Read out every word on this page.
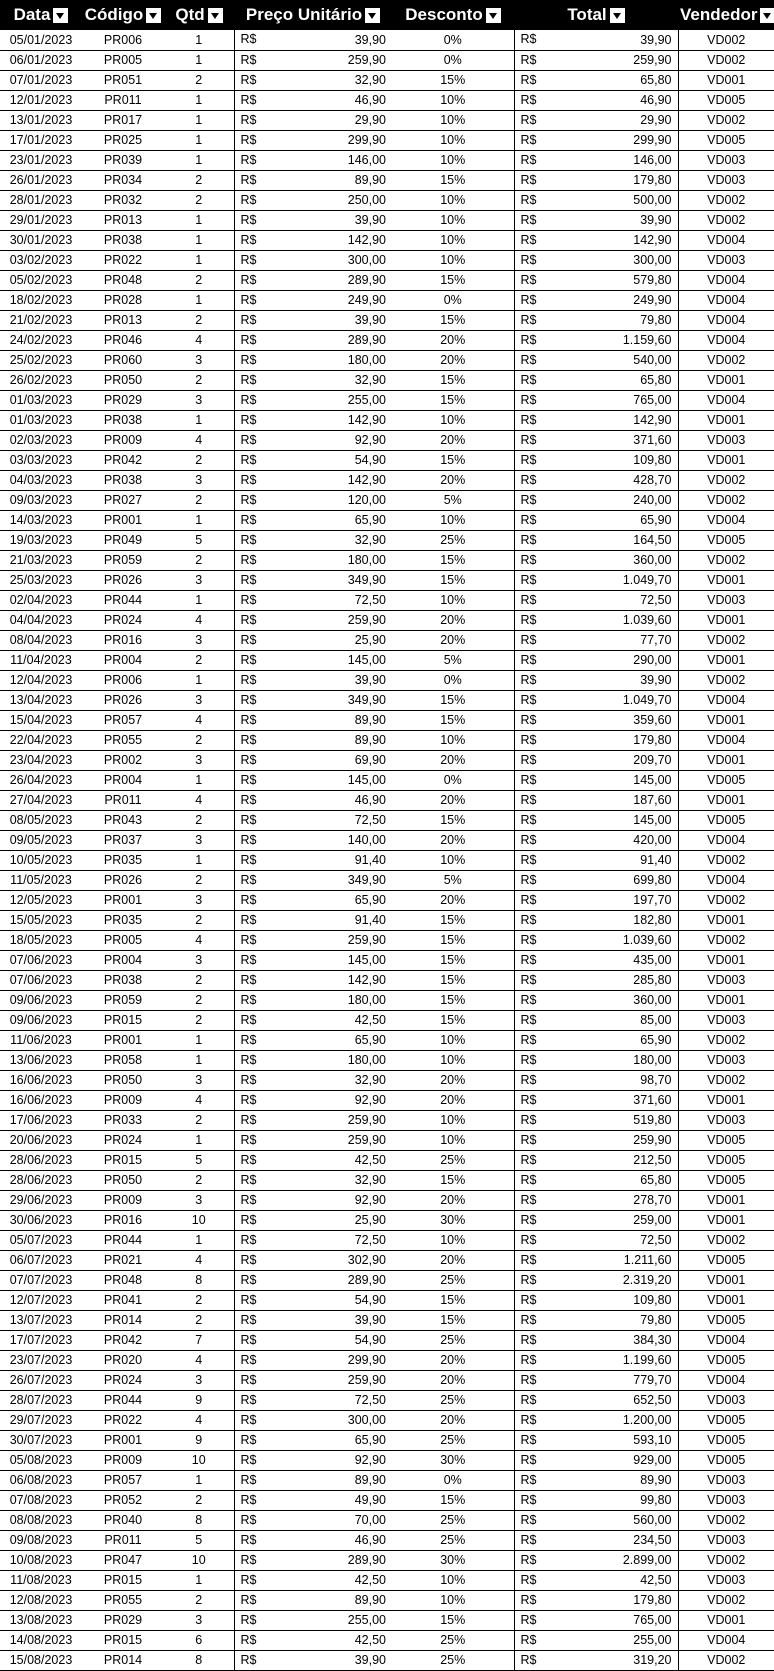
Data	Código	Qtd	Preço Unitário	Desconto	Total	Vendedor
05/01/2023	PR006	1	R$ 39,90	0%	R$ 39,90	VD002
06/01/2023	PR005	1	R$ 259,90	0%	R$ 259,90	VD002
07/01/2023	PR051	2	R$ 32,90	15%	R$ 65,80	VD001
12/01/2023	PR011	1	R$ 46,90	10%	R$ 46,90	VD005
13/01/2023	PR017	1	R$ 29,90	10%	R$ 29,90	VD002
17/01/2023	PR025	1	R$ 299,90	10%	R$ 299,90	VD005
23/01/2023	PR039	1	R$ 146,00	10%	R$ 146,00	VD003
26/01/2023	PR034	2	R$ 89,90	15%	R$ 179,80	VD003
28/01/2023	PR032	2	R$ 250,00	10%	R$ 500,00	VD002
29/01/2023	PR013	1	R$ 39,90	10%	R$ 39,90	VD002
30/01/2023	PR038	1	R$ 142,90	10%	R$ 142,90	VD004
03/02/2023	PR022	1	R$ 300,00	10%	R$ 300,00	VD003
05/02/2023	PR048	2	R$ 289,90	15%	R$ 579,80	VD004
18/02/2023	PR028	1	R$ 249,90	0%	R$ 249,90	VD004
21/02/2023	PR013	2	R$ 39,90	15%	R$ 79,80	VD004
24/02/2023	PR046	4	R$ 289,90	20%	R$ 1.159,60	VD004
25/02/2023	PR060	3	R$ 180,00	20%	R$ 540,00	VD002
26/02/2023	PR050	2	R$ 32,90	15%	R$ 65,80	VD001
01/03/2023	PR029	3	R$ 255,00	15%	R$ 765,00	VD004
01/03/2023	PR038	1	R$ 142,90	10%	R$ 142,90	VD001
02/03/2023	PR009	4	R$ 92,90	20%	R$ 371,60	VD003
03/03/2023	PR042	2	R$ 54,90	15%	R$ 109,80	VD001
04/03/2023	PR038	3	R$ 142,90	20%	R$ 428,70	VD002
09/03/2023	PR027	2	R$ 120,00	5%	R$ 240,00	VD002
14/03/2023	PR001	1	R$ 65,90	10%	R$ 65,90	VD004
19/03/2023	PR049	5	R$ 32,90	25%	R$ 164,50	VD005
21/03/2023	PR059	2	R$ 180,00	15%	R$ 360,00	VD002
25/03/2023	PR026	3	R$ 349,90	15%	R$ 1.049,70	VD001
02/04/2023	PR044	1	R$ 72,50	10%	R$ 72,50	VD003
04/04/2023	PR024	4	R$ 259,90	20%	R$ 1.039,60	VD001
08/04/2023	PR016	3	R$ 25,90	20%	R$ 77,70	VD002
11/04/2023	PR004	2	R$ 145,00	5%	R$ 290,00	VD001
12/04/2023	PR006	1	R$ 39,90	0%	R$ 39,90	VD002
13/04/2023	PR026	3	R$ 349,90	15%	R$ 1.049,70	VD004
15/04/2023	PR057	4	R$ 89,90	15%	R$ 359,60	VD001
22/04/2023	PR055	2	R$ 89,90	10%	R$ 179,80	VD004
23/04/2023	PR002	3	R$ 69,90	20%	R$ 209,70	VD001
26/04/2023	PR004	1	R$ 145,00	0%	R$ 145,00	VD005
27/04/2023	PR011	4	R$ 46,90	20%	R$ 187,60	VD001
08/05/2023	PR043	2	R$ 72,50	15%	R$ 145,00	VD005
09/05/2023	PR037	3	R$ 140,00	20%	R$ 420,00	VD004
10/05/2023	PR035	1	R$ 91,40	10%	R$ 91,40	VD002
11/05/2023	PR026	2	R$ 349,90	5%	R$ 699,80	VD004
12/05/2023	PR001	3	R$ 65,90	20%	R$ 197,70	VD002
15/05/2023	PR035	2	R$ 91,40	15%	R$ 182,80	VD001
18/05/2023	PR005	4	R$ 259,90	15%	R$ 1.039,60	VD002
07/06/2023	PR004	3	R$ 145,00	15%	R$ 435,00	VD001
07/06/2023	PR038	2	R$ 142,90	15%	R$ 285,80	VD003
09/06/2023	PR059	2	R$ 180,00	15%	R$ 360,00	VD001
09/06/2023	PR015	2	R$ 42,50	15%	R$ 85,00	VD003
11/06/2023	PR001	1	R$ 65,90	10%	R$ 65,90	VD002
13/06/2023	PR058	1	R$ 180,00	10%	R$ 180,00	VD003
16/06/2023	PR050	3	R$ 32,90	20%	R$ 98,70	VD002
16/06/2023	PR009	4	R$ 92,90	20%	R$ 371,60	VD001
17/06/2023	PR033	2	R$ 259,90	10%	R$ 519,80	VD003
20/06/2023	PR024	1	R$ 259,90	10%	R$ 259,90	VD005
28/06/2023	PR015	5	R$ 42,50	25%	R$ 212,50	VD005
28/06/2023	PR050	2	R$ 32,90	15%	R$ 65,80	VD005
29/06/2023	PR009	3	R$ 92,90	20%	R$ 278,70	VD001
30/06/2023	PR016	10	R$ 25,90	30%	R$ 259,00	VD001
05/07/2023	PR044	1	R$ 72,50	10%	R$ 72,50	VD002
06/07/2023	PR021	4	R$ 302,90	20%	R$ 1.211,60	VD005
07/07/2023	PR048	8	R$ 289,90	25%	R$ 2.319,20	VD001
12/07/2023	PR041	2	R$ 54,90	15%	R$ 109,80	VD001
13/07/2023	PR014	2	R$ 39,90	15%	R$ 79,80	VD005
17/07/2023	PR042	7	R$ 54,90	25%	R$ 384,30	VD004
23/07/2023	PR020	4	R$ 299,90	20%	R$ 1.199,60	VD005
26/07/2023	PR024	3	R$ 259,90	20%	R$ 779,70	VD004
28/07/2023	PR044	9	R$ 72,50	25%	R$ 652,50	VD003
29/07/2023	PR022	4	R$ 300,00	20%	R$ 1.200,00	VD005
30/07/2023	PR001	9	R$ 65,90	25%	R$ 593,10	VD005
05/08/2023	PR009	10	R$ 92,90	30%	R$ 929,00	VD005
06/08/2023	PR057	1	R$ 89,90	0%	R$ 89,90	VD003
07/08/2023	PR052	2	R$ 49,90	15%	R$ 99,80	VD003
08/08/2023	PR040	8	R$ 70,00	25%	R$ 560,00	VD002
09/08/2023	PR011	5	R$ 46,90	25%	R$ 234,50	VD003
10/08/2023	PR047	10	R$ 289,90	30%	R$ 2.899,00	VD002
11/08/2023	PR015	1	R$ 42,50	10%	R$ 42,50	VD003
12/08/2023	PR055	2	R$ 89,90	10%	R$ 179,80	VD002
13/08/2023	PR029	3	R$ 255,00	15%	R$ 765,00	VD001
14/08/2023	PR015	6	R$ 42,50	25%	R$ 255,00	VD004
15/08/2023	PR014	8	R$ 39,90	25%	R$ 319,20	VD002
